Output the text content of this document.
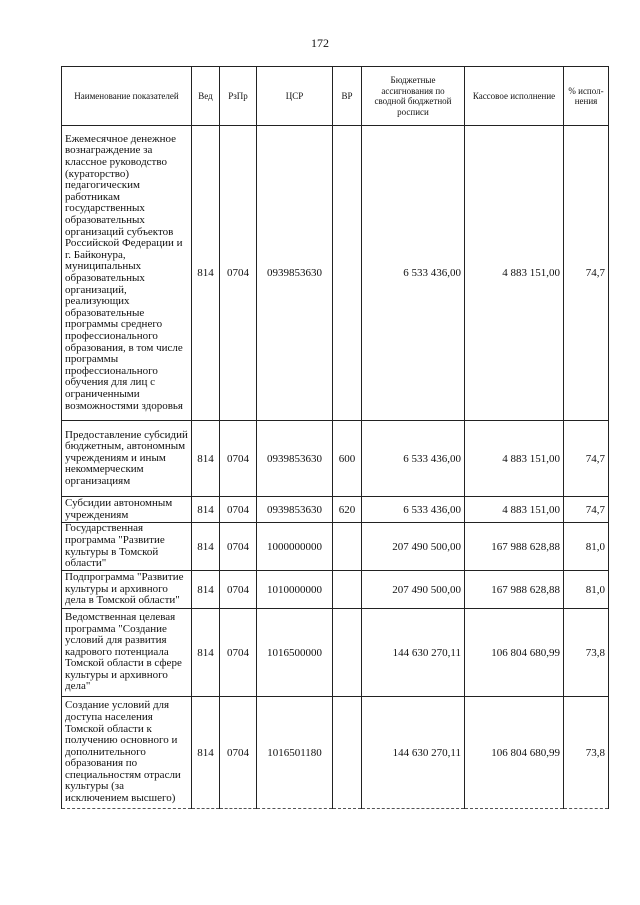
172
Наименование показателей	Вед	РзПр	ЦСР	ВР	Бюджетные ассигнования по сводной бюджетной росписи	Кассовое исполнение	% испол- нения
Ежемесячное денежное вознаграждение за классное руководство (кураторство) педагогическим работникам государственных образовательных организаций субъектов Российской Федерации и г. Байконура, муниципальных образовательных организаций, реализующих образовательные программы среднего профессионального образования, в том числе программы профессионального обучения для лиц с ограниченными возможностями здоровья	814	0704	0939853630		6 533 436,00	4 883 151,00	74,7
Предоставление субсидий бюджетным, автономным учреждениям и иным некоммерческим организациям	814	0704	0939853630	600	6 533 436,00	4 883 151,00	74,7
Субсидии автономным учреждениям	814	0704	0939853630	620	6 533 436,00	4 883 151,00	74,7
Государственная программа "Развитие культуры в Томской области"	814	0704	1000000000		207 490 500,00	167 988 628,88	81,0
Подпрограмма "Развитие культуры и архивного дела в Томской области"	814	0704	1010000000		207 490 500,00	167 988 628,88	81,0
Ведомственная целевая программа "Создание условий для развития кадрового потенциала Томской области в сфере культуры и архивного дела"	814	0704	1016500000		144 630 270,11	106 804 680,99	73,8
Создание условий для доступа населения Томской области к получению основного и дополнительного образования по специальностям отрасли культуры (за исключением высшего)	814	0704	1016501180		144 630 270,11	106 804 680,99	73,8
